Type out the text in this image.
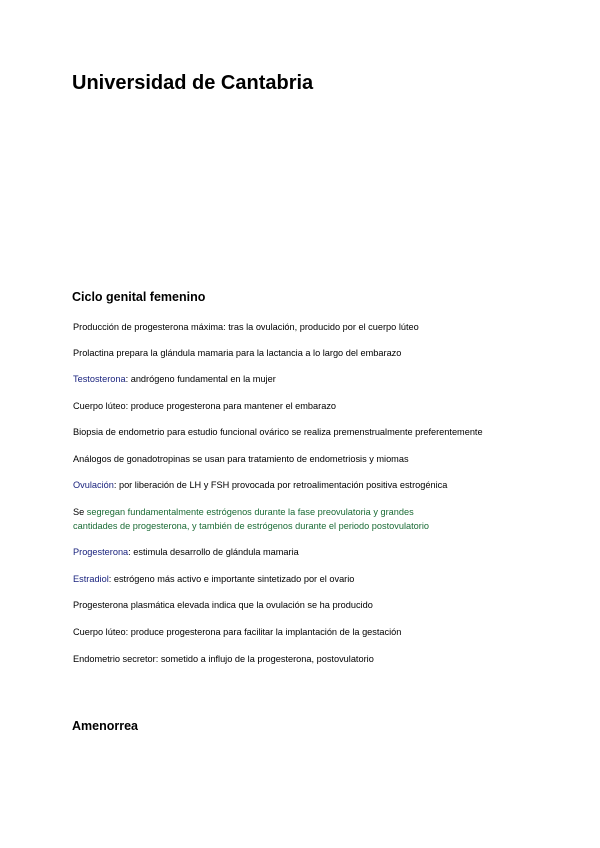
Universidad de Cantabria
Ciclo genital femenino

Producción de progesterona máxima: tras la ovulación, producido por el cuerpo lúteo

Prolactina prepara la glándula mamaria para la lactancia a lo largo del embarazo

Testosterona: andrógeno fundamental en la mujer

Cuerpo lúteo: produce progesterona para mantener el embarazo

Biopsia de endometrio para estudio funcional ovárico se realiza premenstrualmente preferentemente

Análogos de gonadotropinas se usan para tratamiento de endometriosis y miomas

Ovulación: por liberación de LH y FSH provocada por retroalimentación positiva estrogénica

Se segregan fundamentalmente estrógenos durante la fase preovulatoria y grandes
cantidades de progesterona, y también de estrógenos durante el periodo postovulatorio

Progesterona: estimula desarrollo de glándula mamaria

Estradiol: estrógeno más activo e importante sintetizado por el ovario

Progesterona plasmática elevada indica que la ovulación se ha producido

Cuerpo lúteo: produce progesterona para facilitar la implantación de la gestación

Endometrio secretor: sometido a influjo de la progesterona, postovulatorio

Amenorrea
